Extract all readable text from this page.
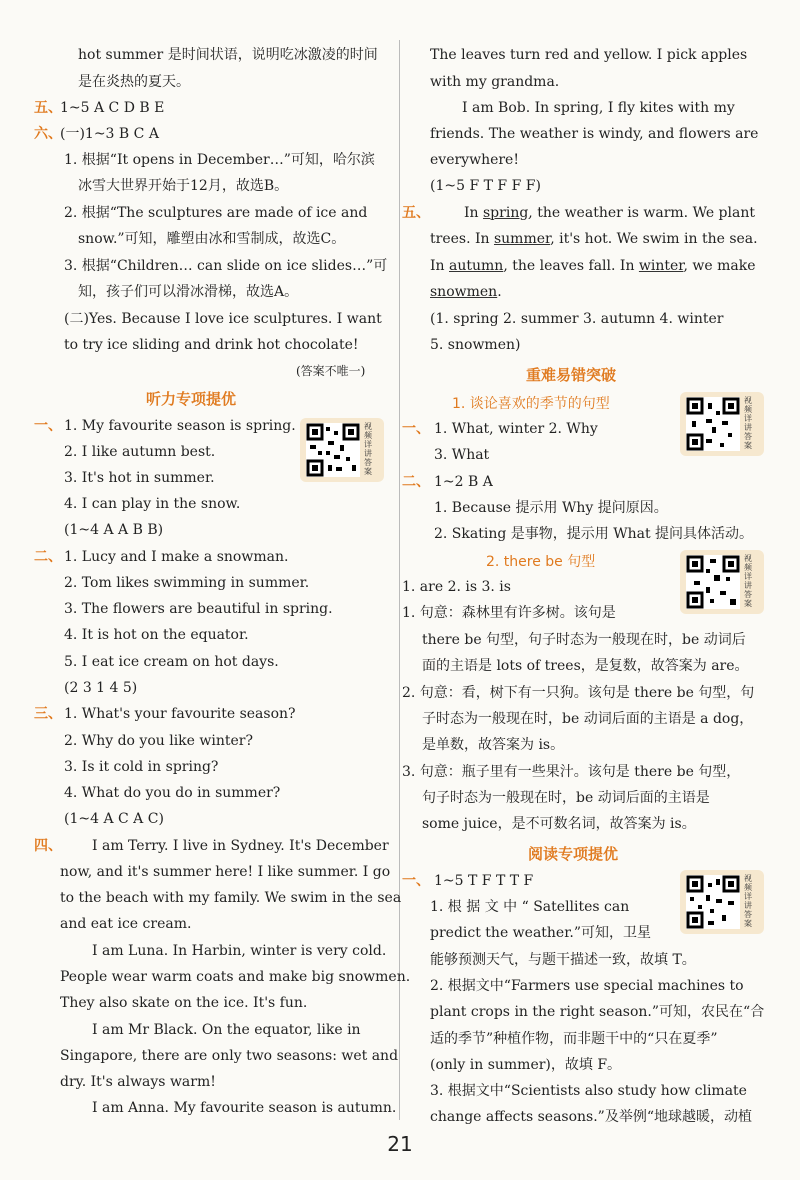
hot summer 是时间状语，说明吃冰激凌的时间
是在炎热的夏天。
五、
1~5 A C D B E
六、
(一)1~3 B C A
1. 根据“It opens in December…”可知，哈尔滨
冰雪大世界开始于12月，故选B。
2. 根据“The sculptures are made of ice and
snow.”可知，雕塑由冰和雪制成，故选C。
3. 根据“Children… can slide on ice slides…”可
知，孩子们可以滑冰滑梯，故选A。
(二)Yes. Because I love ice sculptures. I want
to try ice sliding and drink hot chocolate!
(答案不唯一)
听力专项提优
视频详讲答案
一、 1. My favourite season is spring.
2. I like autumn best.
3. It's hot in summer.
4. I can play in the snow.
(1~4 A A B B)
二、 1. Lucy and I make a snowman.
2. Tom likes swimming in summer.
3. The flowers are beautiful in spring.
4. It is hot on the equator.
5. I eat ice cream on hot days.
(2 3 1 4 5)
三、 1. What's your favourite season?
2. Why do you like winter?
3. Is it cold in spring?
4. What do you do in summer?
(1~4 A C A C)
四、 I am Terry. I live in Sydney. It's December
now, and it's summer here! I like summer. I go
to the beach with my family. We swim in the sea
and eat ice cream.
I am Luna. In Harbin, winter is very cold.
People wear warm coats and make big snowmen.
They also skate on the ice. It's fun.
I am Mr Black. On the equator, like in
Singapore, there are only two seasons: wet and
dry. It's always warm!
I am Anna. My favourite season is autumn.
The leaves turn red and yellow. I pick apples
with my grandma.
I am Bob. In spring, I fly kites with my
friends. The weather is windy, and flowers are
everywhere!
(1~5 F T F F F)
五、 In spring, the weather is warm. We plant
trees. In summer, it's hot. We swim in the sea.
In autumn, the leaves fall. In winter, we make
snowmen.
(1. spring 2. summer 3. autumn 4. winter
5. snowmen)
重难易错突破
1. 谈论喜欢的季节的句型	视频详讲答案
一、 1. What, winter 2. Why
3. What
二、 1~2 B A
1. Because 提示用 Why 提问原因。
2. Skating 是事物，提示用 What 提问具体活动。
2. there be 句型	视频详讲答案
1. are 2. is 3. is
1. 句意：森林里有许多树。该句是
there be 句型，句子时态为一般现在时，be 动词后
面的主语是 lots of trees，是复数，故答案为 are。
2. 句意：看，树下有一只狗。该句是 there be 句型，句
子时态为一般现在时，be 动词后面的主语是 a dog，
是单数，故答案为 is。
3. 句意：瓶子里有一些果汁。该句是 there be 句型，
句子时态为一般现在时，be 动词后面的主语是
some juice，是不可数名词，故答案为 is。
阅读专项提优
视频详讲答案
一、 1~5 T F T T F
1. 根 据 文 中 “ Satellites can
predict the weather.”可知，卫星
能够预测天气，与题干描述一致，故填 T。
2. 根据文中“Farmers use special machines to
plant crops in the right season.”可知，农民在“合
适的季节”种植作物，而非题干中的“只在夏季”
(only in summer)，故填 F。
3. 根据文中“Scientists also study how climate
change affects seasons.”及举例“地球越暖，动植
21
